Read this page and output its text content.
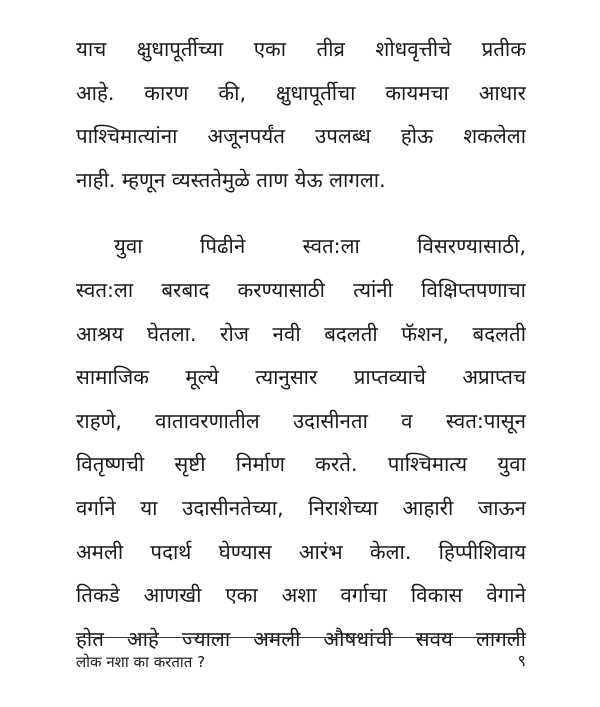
याच क्षुधापूर्तीच्या एका तीव्र शोधवृत्तीचे प्रतीक
आहे. कारण की, क्षुधापूर्तीचा कायमचा आधार
पाश्चिमात्यांना अजूनपर्यंत उपलब्ध होऊ शकलेला
नाही. म्हणून व्यस्ततेमुळे ताण येऊ लागला.
युवा पिढीने स्वत:ला विसरण्यासाठी,
स्वत:ला बरबाद करण्यासाठी त्यांनी विक्षिप्तपणाचा
आश्रय घेतला. रोज नवी बदलती फॅशन, बदलती
सामाजिक मूल्ये त्यानुसार प्राप्तव्याचे अप्राप्तच
राहणे, वातावरणातील उदासीनता व स्वत:पासून
वितृष्णची सृष्टी निर्माण करते. पाश्चिमात्य युवा
वर्गाने या उदासीनतेच्या, निराशेच्या आहारी जाऊन
अमली पदार्थ घेण्यास आरंभ केला. हिप्पीशिवाय
तिकडे आणखी एका अशा वर्गाचा विकास वेगाने
होत आहे ज्याला अमली औषधांची सवय लागली
लोक नशा का करतात ?	९
